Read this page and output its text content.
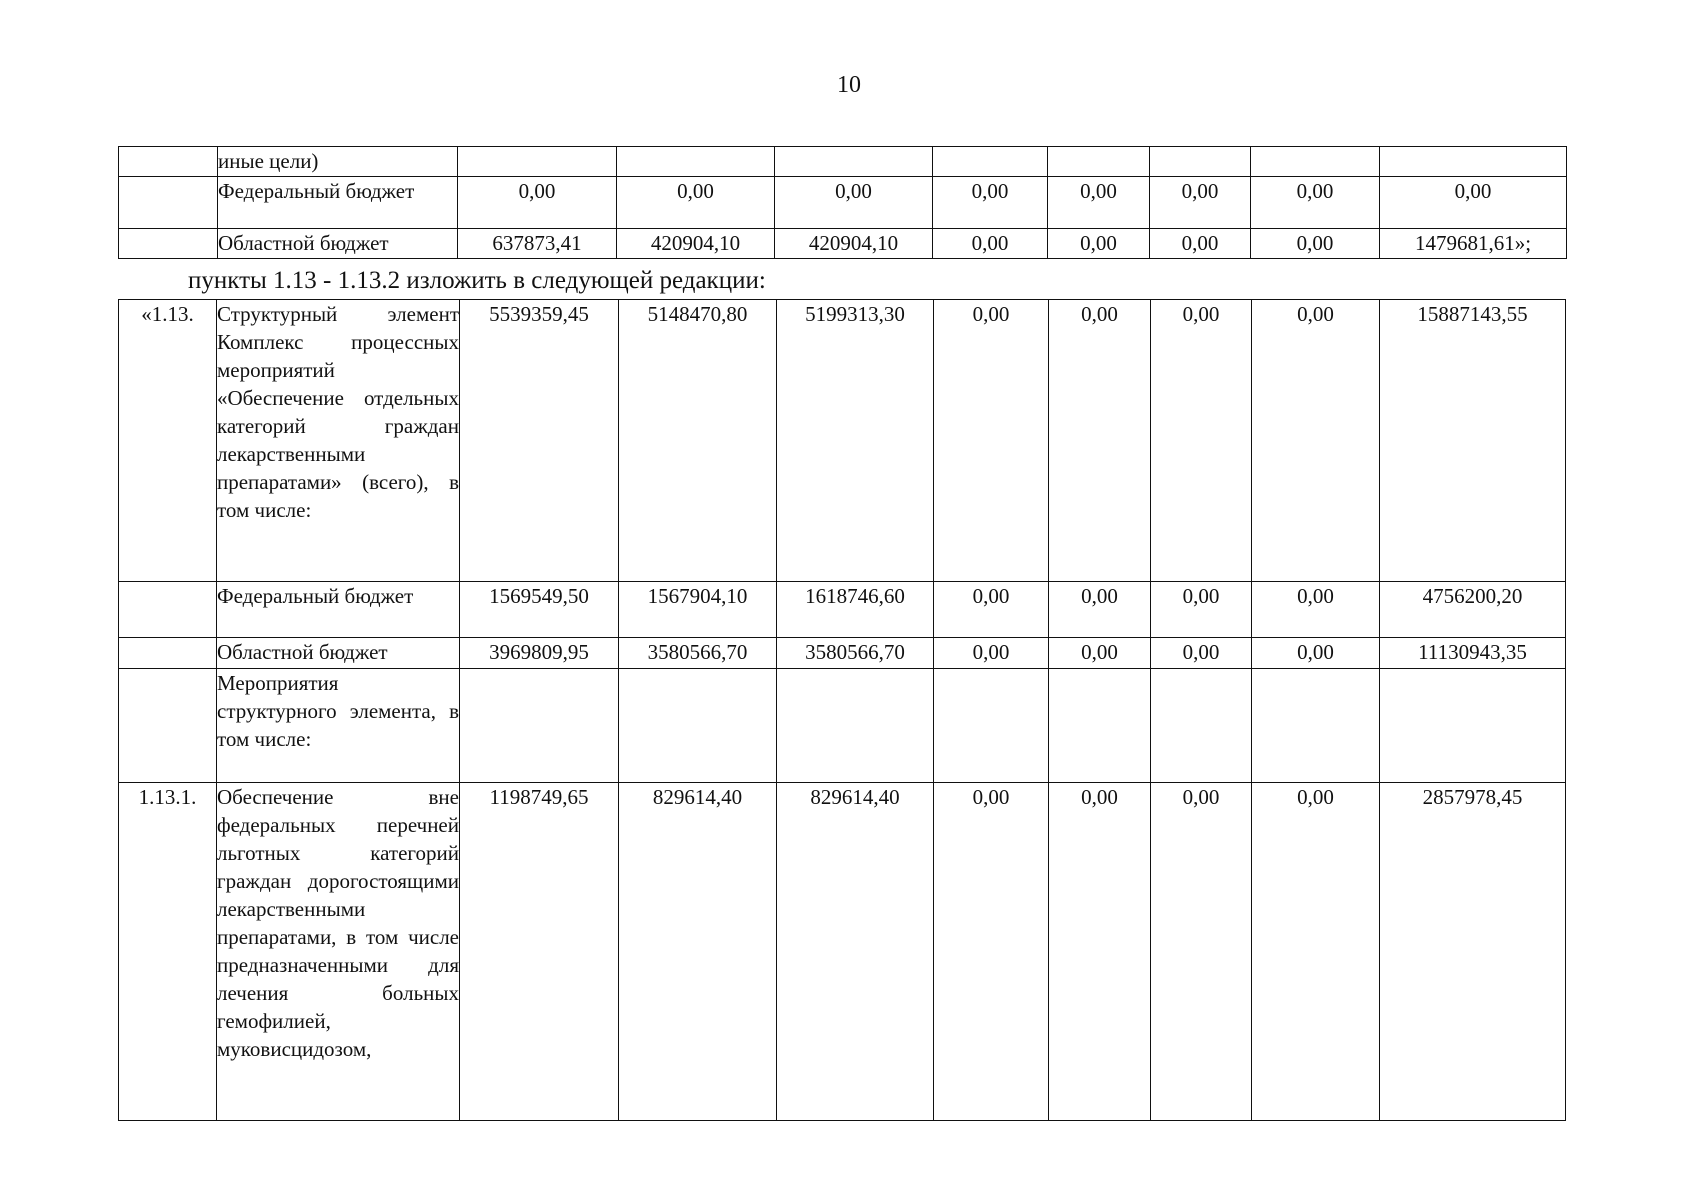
10
	иные цели)								
	Федеральный бюджет	0,00	0,00	0,00	0,00	0,00	0,00	0,00	0,00
	Областной бюджет	637873,41	420904,10	420904,10	0,00	0,00	0,00	0,00	1479681,61»;
пункты 1.13 - 1.13.2 изложить в следующей редакции:
«1.13.	Структурный элемент Комплекс процессных мероприятий «Обеспечение отдельных категорий граждан лекарственными препаратами» (всего), в том числе:	5539359,45	5148470,80	5199313,30	0,00	0,00	0,00	0,00	15887143,55
	Федеральный бюджет	1569549,50	1567904,10	1618746,60	0,00	0,00	0,00	0,00	4756200,20
	Областной бюджет	3969809,95	3580566,70	3580566,70	0,00	0,00	0,00	0,00	11130943,35
	Мероприятия структурного элемента, в том числе:								
1.13.1.	Обеспечение вне федеральных перечней льготных категорий граждан дорогостоящими лекарственными препаратами, в том числе предназначенными для лечения больных гемофилией, муковисцидозом,	1198749,65	829614,40	829614,40	0,00	0,00	0,00	0,00	2857978,45
